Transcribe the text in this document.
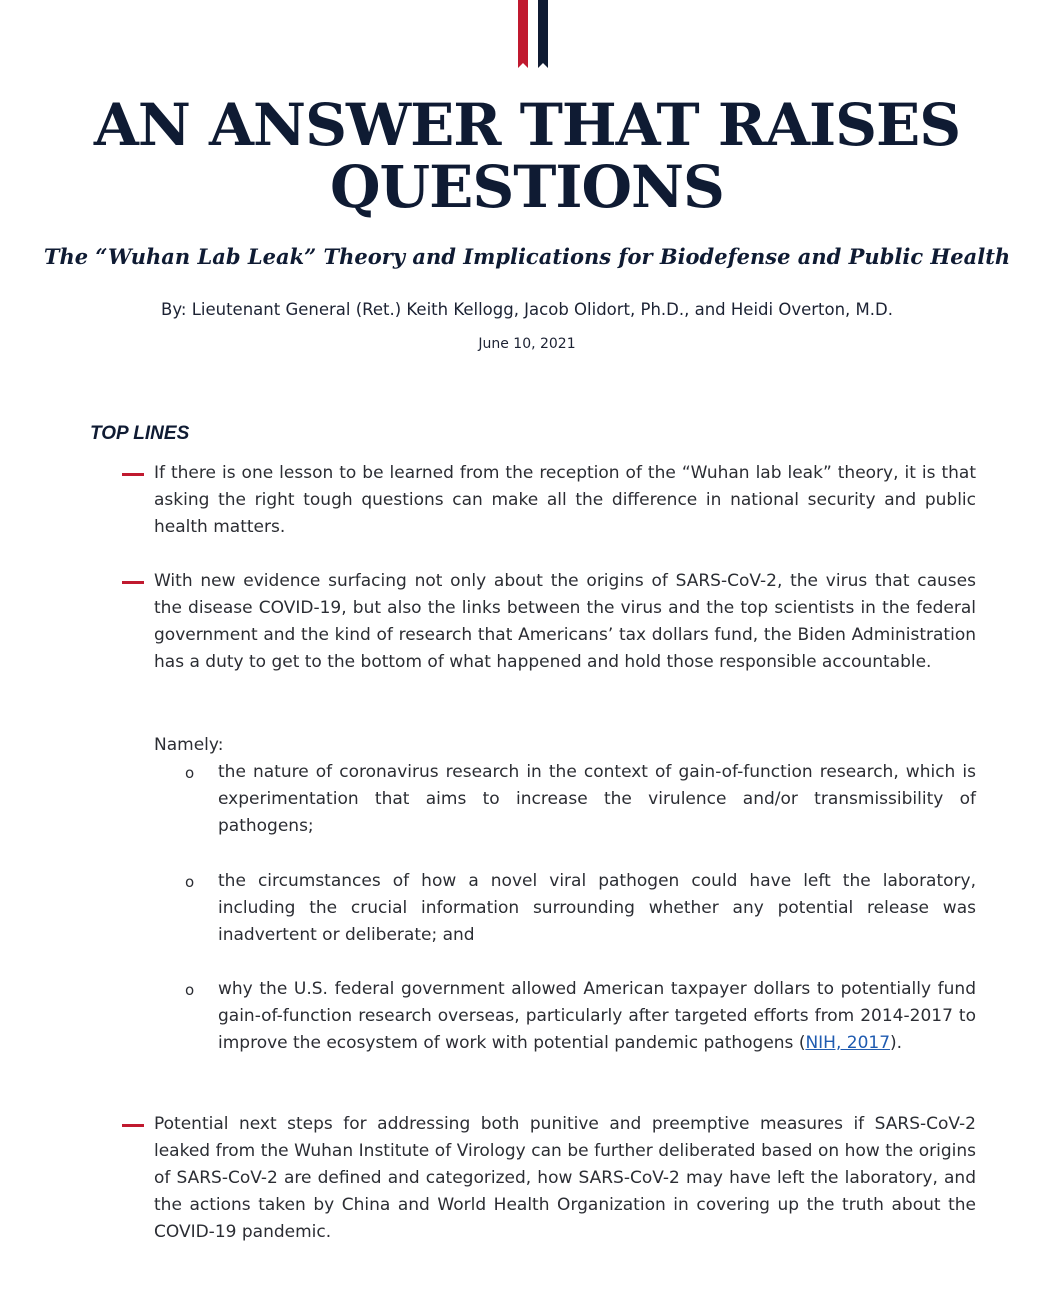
AN ANSWER THAT RAISES
QUESTIONS
The “Wuhan Lab Leak” Theory and Implications for Biodefense and Public Health
By: Lieutenant General (Ret.) Keith Kellogg, Jacob Olidort, Ph.D., and Heidi Overton, M.D.
June 10, 2021
TOP LINES

If there is one lesson to be learned from the reception of the “Wuhan lab leak” theory, it is that asking the right tough questions can make all the difference in national security and public health matters.

With new evidence surfacing not only about the origins of SARS-CoV-2, the virus that causes the disease COVID-19, but also the links between the virus and the top scientists in the federal government and the kind of research that Americans’ tax dollars fund, the Biden Administration has a duty to get to the bottom of what happened and hold those responsible accountable.

Namely:
o the nature of coronavirus research in the context of gain-of-function research, which is experimentation that aims to increase the virulence and/or transmissibility of pathogens;

o the circumstances of how a novel viral pathogen could have left the laboratory, including the crucial information surrounding whether any potential release was inadvertent or deliberate; and

o why the U.S. federal government allowed American taxpayer dollars to potentially fund gain-of-function research overseas, particularly after targeted efforts from 2014-2017 to improve the ecosystem of work with potential pandemic pathogens (NIH, 2017).

Potential next steps for addressing both punitive and preemptive measures if SARS-CoV-2 leaked from the Wuhan Institute of Virology can be further deliberated based on how the origins of SARS-CoV-2 are defined and categorized, how SARS-CoV-2 may have left the laboratory, and the actions taken by China and World Health Organization in covering up the truth about the COVID-19 pandemic.
